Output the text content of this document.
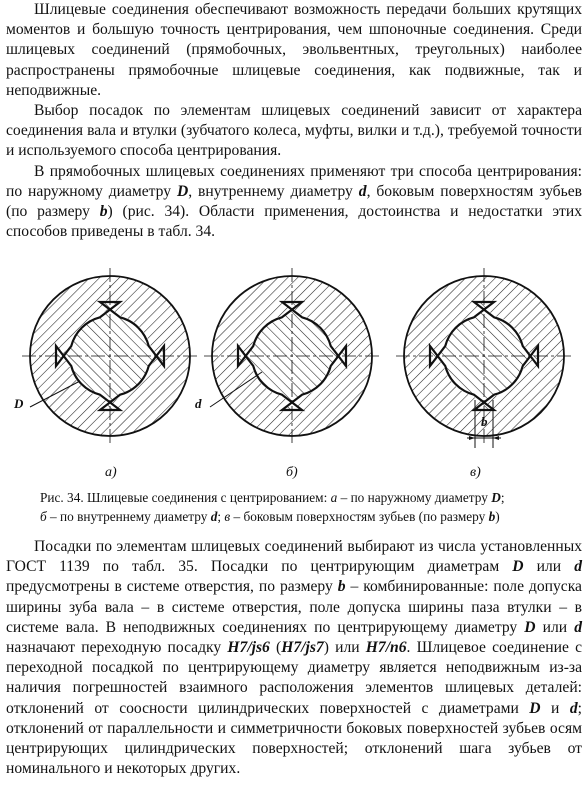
Шлицевые соединения обеспечивают возможность передачи больших крутящих моментов и большую точность центрирования, чем шпоночные соединения. Среди шлицевых соединений (прямобочных, эвольвентных, треугольных) наиболее распространены прямобочные шлицевые соединения, как подвижные, так и неподвижные.

Выбор посадок по элементам шлицевых соединений зависит от характера соединения вала и втулки (зубчатого колеса, муфты, вилки и т.д.), требуемой точности и используемого способа центрирования.

В прямобочных шлицевых соединениях применяют три способа центрирования: по наружному диаметру D, внутреннему диаметру d, боковым поверхностям зубьев (по размеру b) (рис. 34). Области применения, достоинства и недостатки этих способов приведены в табл. 34.

D	d
b
а)	б)	в)
Рис. 34. Шлицевые соединения с центрированием: а – по наружному диаметру D;
б – по внутреннему диаметру d; в – боковым поверхностям зубьев (по размеру b)

Посадки по элементам шлицевых соединений выбирают из числа установленных ГОСТ 1139 по табл. 35. Посадки по центрирующим диаметрам D или d предусмотрены в системе отверстия, по размеру b – комбинированные: поле допуска ширины зуба вала – в системе отверстия, поле допуска ширины паза втулки – в системе вала. В неподвижных соединениях по центрирующему диаметру D или d назначают переходную посадку H7/js6 (H7/js7) или H7/n6. Шлицевое соединение с переходной посадкой по центрирующему диаметру является неподвижным из-за наличия погрешностей взаимного расположения элементов шлицевых деталей: отклонений от соосности цилиндрических поверхностей с диаметрами D и d; отклонений от параллельности и симметричности боковых поверхностей зубьев осям центрирующих цилиндрических поверхностей; отклонений шага зубьев от номинального и некоторых других.
